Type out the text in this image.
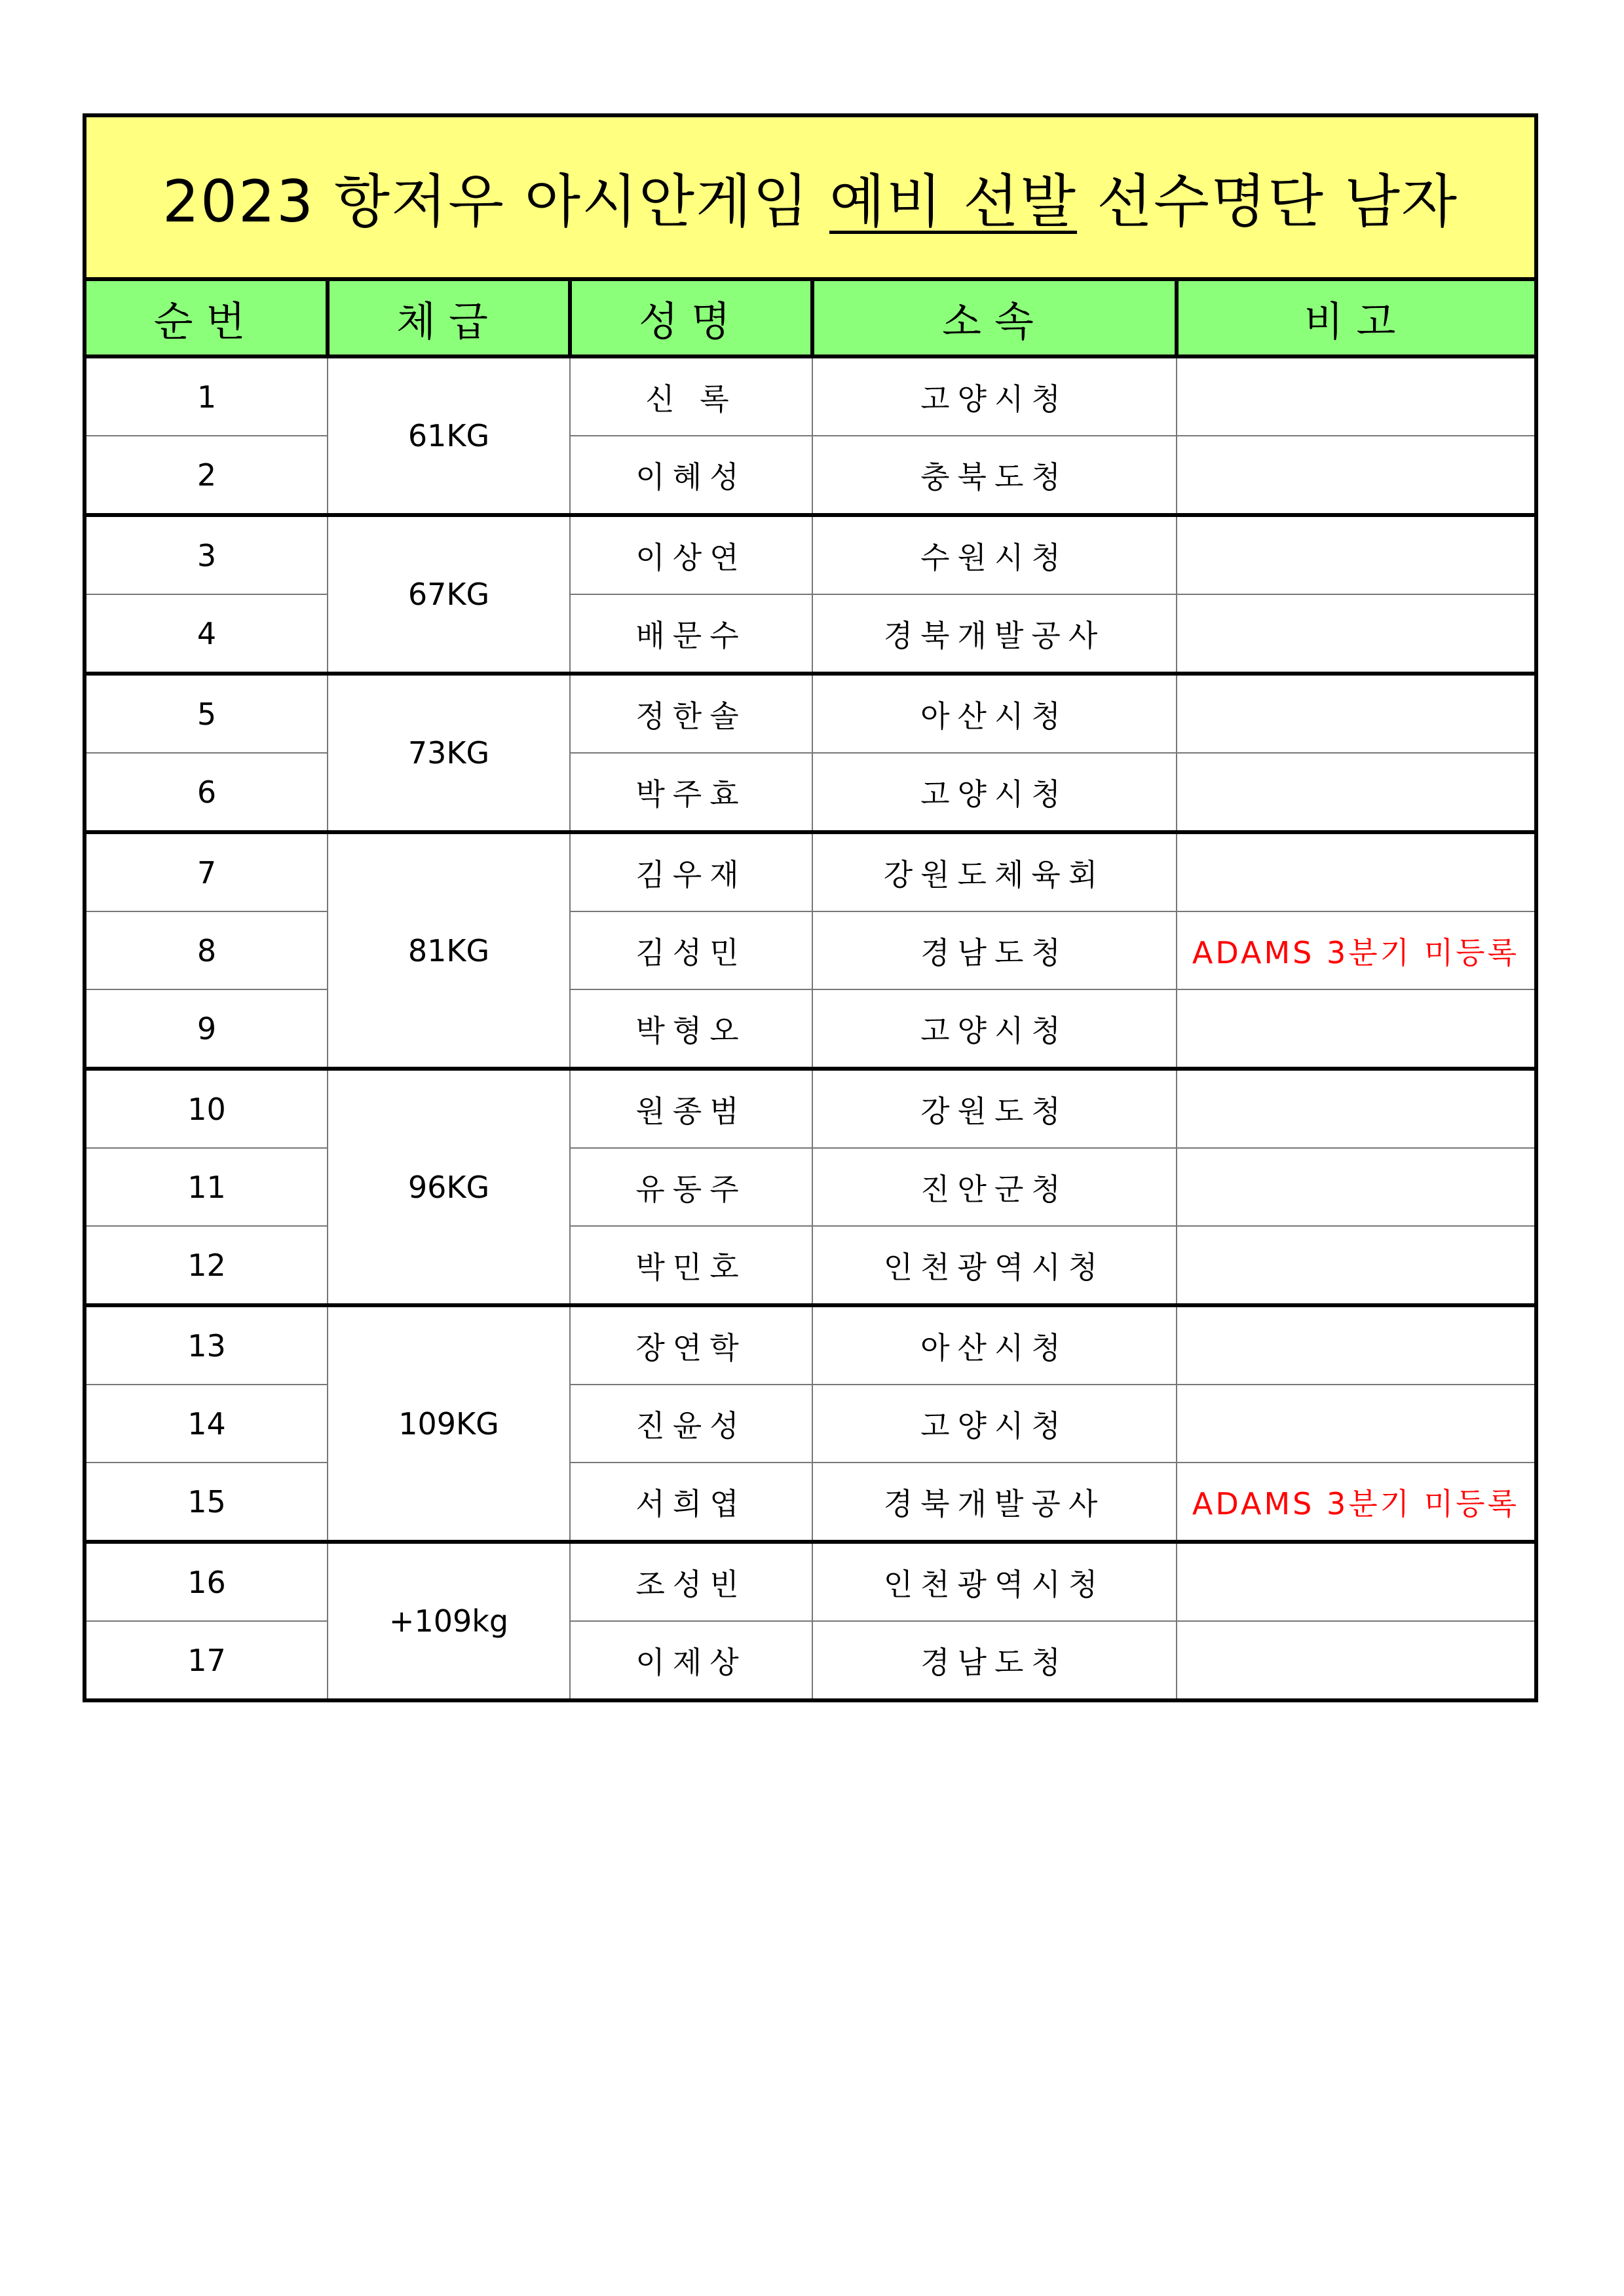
2023 항저우 아시안게임 예비 선발 선수명단 남자
순번	체급	성명	소속	비고
1	61KG	신 록	고양시청	
2		이혜성	충북도청	
3	67KG	이상연	수원시청	
4		배문수	경북개발공사	
5	73KG	정한솔	아산시청	
6		박주효	고양시청	
7	81KG	김우재	강원도체육회	
8		김성민	경남도청	ADAMS 3분기 미등록
9		박형오	고양시청	
10	96KG	원종범	강원도청	
11		유동주	진안군청	
12		박민호	인천광역시청	
13	109KG	장연학	아산시청	
14		진윤성	고양시청	
15		서희엽	경북개발공사	ADAMS 3분기 미등록
16	+109kg	조성빈	인천광역시청	
17		이제상	경남도청	
